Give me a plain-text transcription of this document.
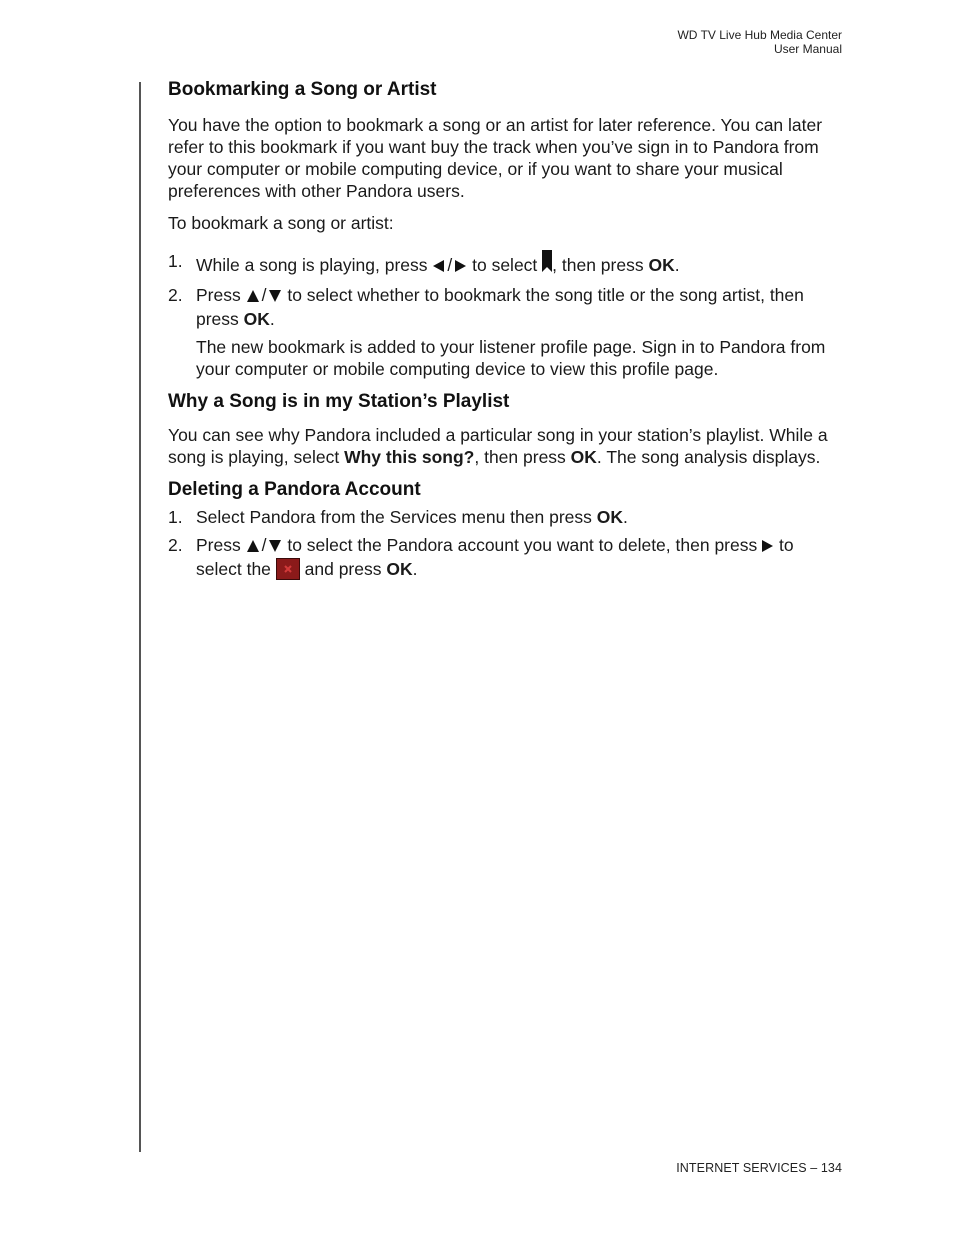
WD TV Live Hub Media Center
User Manual
Bookmarking a Song or Artist

You have the option to bookmark a song or an artist for later reference. You can later refer to this bookmark if you want buy the track when you’ve sign in to Pandora from your computer or mobile computing device, or if you want to share your musical preferences with other Pandora users.

To bookmark a song or artist:

1. While a song is playing, press / to select , then press OK.
2. Press / to select whether to bookmark the song title or the song artist, then press OK.

The new bookmark is added to your listener profile page. Sign in to Pandora from your computer or mobile computing device to view this profile page.

Why a Song is in my Station’s Playlist

You can see why Pandora included a particular song in your station’s playlist. While a song is playing, select Why this song?, then press OK. The song analysis displays.

Deleting a Pandora Account
1. Select Pandora from the Services menu then press OK.
2. Press / to select the Pandora account you want to delete, then press  to select the  and press OK.
INTERNET SERVICES – 134
